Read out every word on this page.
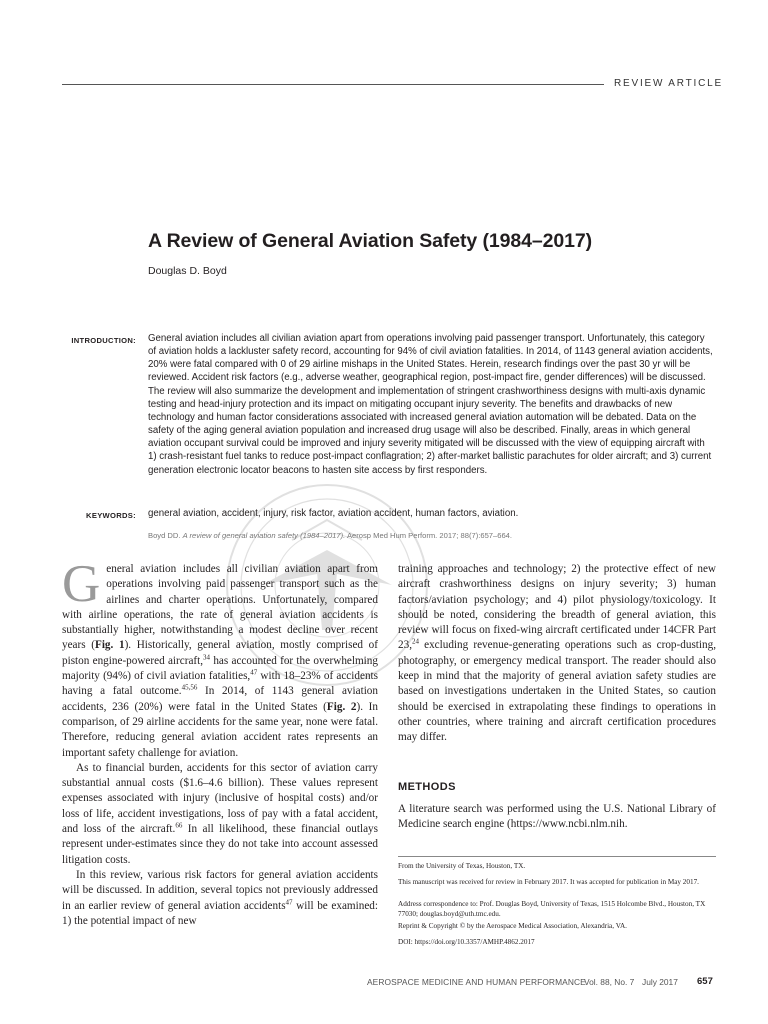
REVIEW ARTICLE
A Review of General Aviation Safety (1984–2017)
Douglas D. Boyd
INTRODUCTION: General aviation includes all civilian aviation apart from operations involving paid passenger transport. Unfortunately, this category of aviation holds a lackluster safety record, accounting for 94% of civil aviation fatalities. In 2014, of 1143 general aviation accidents, 20% were fatal compared with 0 of 29 airline mishaps in the United States. Herein, research findings over the past 30 yr will be reviewed. Accident risk factors (e.g., adverse weather, geographical region, post-impact fire, gender differences) will be discussed. The review will also summarize the development and implementation of stringent crashworthiness designs with multi-axis dynamic testing and head-injury protection and its impact on mitigating occupant injury severity. The benefits and drawbacks of new technology and human factor considerations associated with increased general aviation automation will be debated. Data on the safety of the aging general aviation population and increased drug usage will also be described. Finally, areas in which general aviation occupant survival could be improved and injury severity mitigated will be discussed with the view of equipping aircraft with 1) crash-resistant fuel tanks to reduce post-impact conflagration; 2) after-market ballistic parachutes for older aircraft; and 3) current generation electronic locator beacons to hasten site access by first responders.
KEYWORDS: general aviation, accident, injury, risk factor, aviation accident, human factors, aviation.
Boyd DD. A review of general aviation safety (1984–2017). Aerosp Med Hum Perform. 2017; 88(7):657–664.

General aviation includes all civilian aviation apart from operations involving paid passenger transport such as the airlines and charter operations. Unfortunately, compared with airline operations, the rate of general aviation accidents is substantially higher, notwithstanding a modest decline over recent years (Fig. 1). Historically, general aviation, mostly comprised of piston engine-powered aircraft,$^{34}$ has accounted for the overwhelming majority (94%) of civil aviation fatalities,$^{47}$ with 18–23% of accidents having a fatal outcome.$^{45,56}$ In 2014, of 1143 general aviation accidents, 236 (20%) were fatal in the United States (Fig. 2). In comparison, of 29 airline accidents for the same year, none were fatal. Therefore, reducing general aviation accident rates represents an important safety challenge for aviation.

As to financial burden, accidents for this sector of aviation carry substantial annual costs ($1.6–4.6 billion). These values represent expenses associated with injury (inclusive of hospital costs) and/or loss of life, accident investigations, loss of pay with a fatal accident, and loss of the aircraft.$^{66}$ In all likelihood, these financial outlays represent under-estimates since they do not take into account assessed litigation costs.

In this review, various risk factors for general aviation accidents will be discussed. In addition, several topics not previously addressed in an earlier review of general aviation accidents$^{47}$ will be examined: 1) the potential impact of new

training approaches and technology; 2) the protective effect of new aircraft crashworthiness designs on injury severity; 3) human factors/aviation psychology; and 4) pilot physiology/toxicology. It should be noted, considering the breadth of general aviation, this review will focus on fixed-wing aircraft certificated under 14CFR Part 23,24 excluding revenue-generating operations such as crop-dusting, photography, or emergency medical transport. The reader should also keep in mind that the majority of general aviation safety studies are based on investigations undertaken in the United States, so caution should be exercised in extrapolating these findings to operations in other countries, where training and aircraft certification procedures may differ.

METHODS
A literature search was performed using the U.S. National Library of Medicine search engine (https://www.ncbi.nlm.nih.
From the University of Texas, Houston, TX.
This manuscript was received for review in February 2017. It was accepted for publication in May 2017.
Address correspondence to: Prof. Douglas Boyd, University of Texas, 1515 Holcombe Blvd., Houston, TX 77030; douglas.boyd@uth.tmc.edu.
Reprint & Copyright © by the Aerospace Medical Association, Alexandria, VA.
DOI: https://doi.org/10.3357/AMHP.4862.2017
AEROSPACE MEDICINE AND HUMAN PERFORMANCE
Vol. 88, No. 7 July 2017 657
